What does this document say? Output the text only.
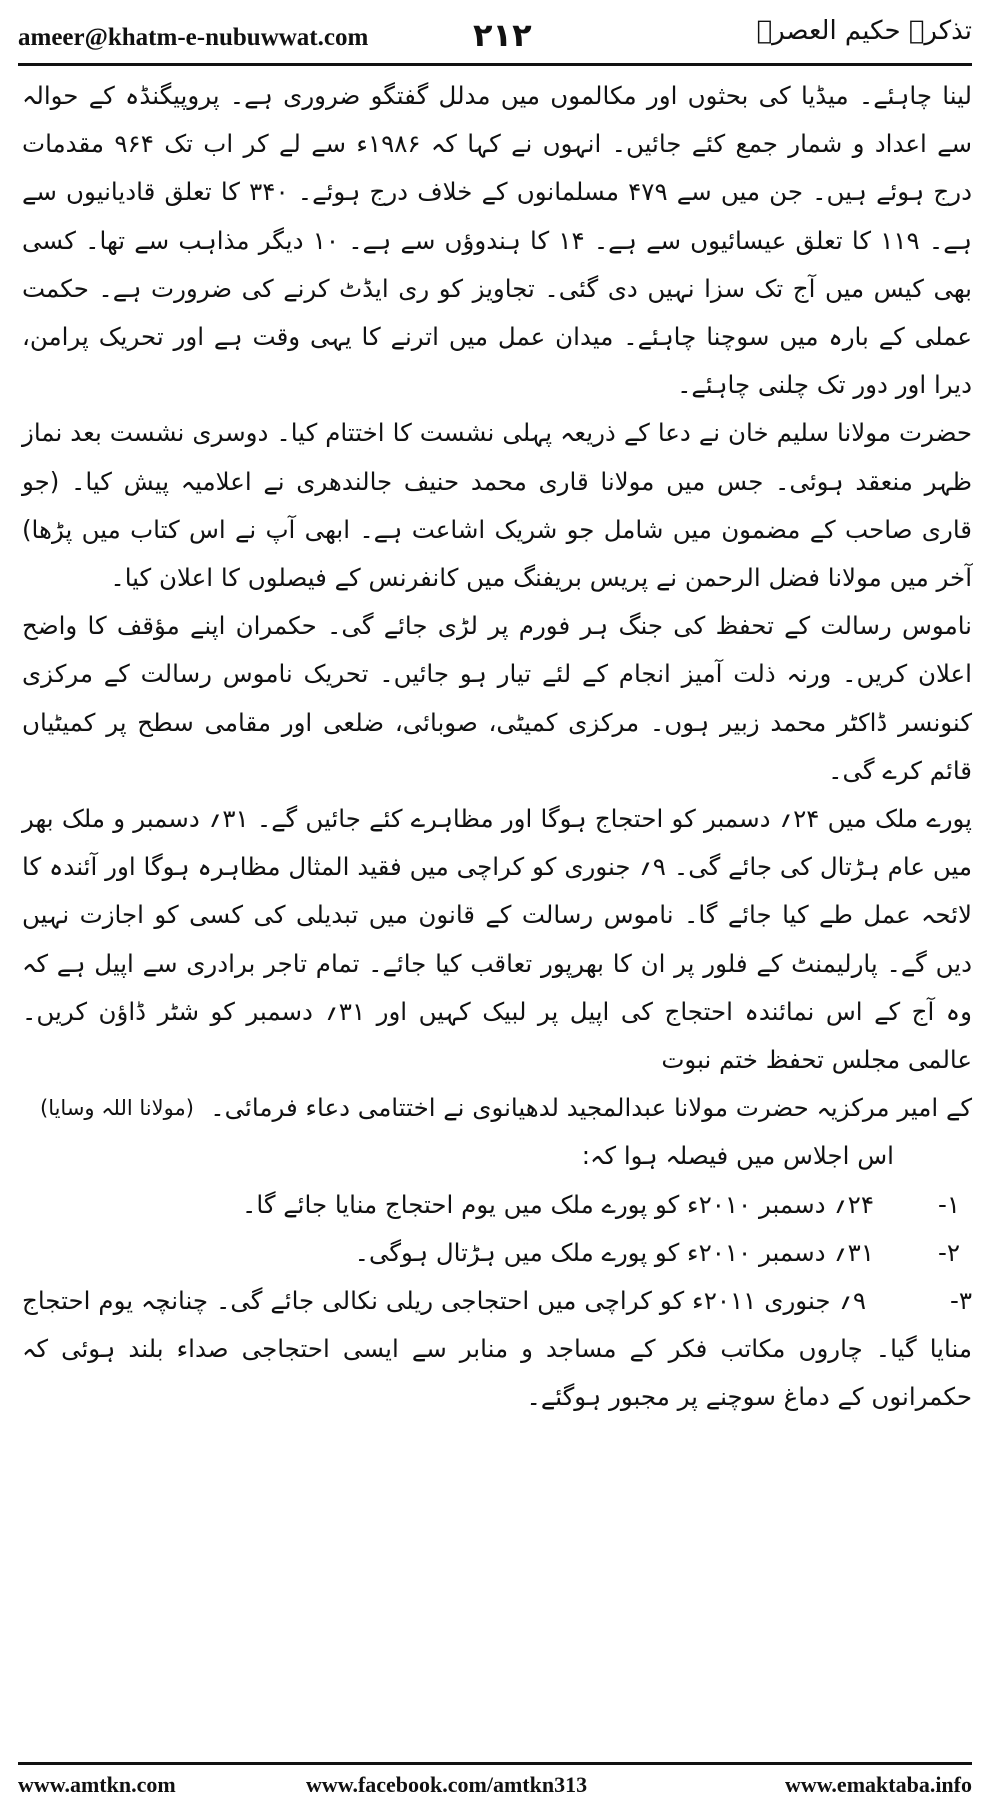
ameer@khatm-e-nubuwwat.com	۲۱۲	تذکرہ حکیم العصرؒ

لینا چاہئے۔ میڈیا کی بحثوں اور مکالموں میں مدلل گفتگو ضروری ہے۔ پروپیگنڈہ کے حوالہ سے اعداد و شمار جمع کئے جائیں۔ انہوں نے کہا کہ ۱۹۸۶ء سے لے کر اب تک ۹۶۴ مقدمات درج ہوئے ہیں۔ جن میں سے ۴۷۹ مسلمانوں کے خلاف درج ہوئے۔ ۳۴۰ کا تعلق قادیانیوں سے ہے۔ ۱۱۹ کا تعلق عیسائیوں سے ہے۔ ۱۴ کا ہندوؤں سے ہے۔ ۱۰ دیگر مذاہب سے تھا۔ کسی بھی کیس میں آج تک سزا نہیں دی گئی۔ تجاویز کو ری ایڈٹ کرنے کی ضرورت ہے۔ حکمت عملی کے بارہ میں سوچنا چاہئے۔ میدان عمل میں اترنے کا یہی وقت ہے اور تحریک پرامن، دیرا اور دور تک چلنی چاہئے۔

حضرت مولانا سلیم خان نے دعا کے ذریعہ پہلی نشست کا اختتام کیا۔ دوسری نشست بعد نماز ظہر منعقد ہوئی۔ جس میں مولانا قاری محمد حنیف جالندھری نے اعلامیہ پیش کیا۔ (جو قاری صاحب کے مضمون میں شامل جو شریک اشاعت ہے۔ ابھی آپ نے اس کتاب میں پڑھا) آخر میں مولانا فضل الرحمن نے پریس بریفنگ میں کانفرنس کے فیصلوں کا اعلان کیا۔

ناموس رسالت کے تحفظ کی جنگ ہر فورم پر لڑی جائے گی۔ حکمران اپنے مؤقف کا واضح اعلان کریں۔ ورنہ ذلت آمیز انجام کے لئے تیار ہو جائیں۔ تحریک ناموس رسالت کے مرکزی کنونسر ڈاکٹر محمد زبیر ہوں۔ مرکزی کمیٹی، صوبائی، ضلعی اور مقامی سطح پر کمیٹیاں قائم کرے گی۔

پورے ملک میں ۲۴؍ دسمبر کو احتجاج ہوگا اور مظاہرے کئے جائیں گے۔ ۳۱؍ دسمبر و ملک بھر میں عام ہڑتال کی جائے گی۔ ۹؍ جنوری کو کراچی میں فقید المثال مظاہرہ ہوگا اور آئندہ کا لائحہ عمل طے کیا جائے گا۔ ناموس رسالت کے قانون میں تبدیلی کی کسی کو اجازت نہیں دیں گے۔ پارلیمنٹ کے فلور پر ان کا بھرپور تعاقب کیا جائے۔ تمام تاجر برادری سے اپیل ہے کہ وہ آج کے اس نمائندہ احتجاج کی اپیل پر لبیک کہیں اور ۳۱؍ دسمبر کو شٹر ڈاؤن کریں۔ عالمی مجلس تحفظ ختم نبوت

کے امیر مرکزیہ حضرت مولانا عبدالمجید لدھیانوی نے اختتامی دعاء فرمائی۔
(مولانا اللہ وسایا)

اس اجلاس میں فیصلہ ہوا کہ:

۱-
۲۴؍ دسمبر ۲۰۱۰ء کو پورے ملک میں یوم احتجاج منایا جائے گا۔

۲-
۳۱؍ دسمبر ۲۰۱۰ء کو پورے ملک میں ہڑتال ہوگی۔

۳- ۹؍ جنوری ۲۰۱۱ء کو کراچی میں احتجاجی ریلی نکالی جائے گی۔ چنانچہ یوم احتجاج منایا گیا۔ چاروں مکاتب فکر کے مساجد و منابر سے ایسی احتجاجی صداء بلند ہوئی کہ حکمرانوں کے دماغ سوچنے پر مجبور ہوگئے۔

www.amtkn.com	www.facebook.com/amtkn313	www.emaktaba.info
